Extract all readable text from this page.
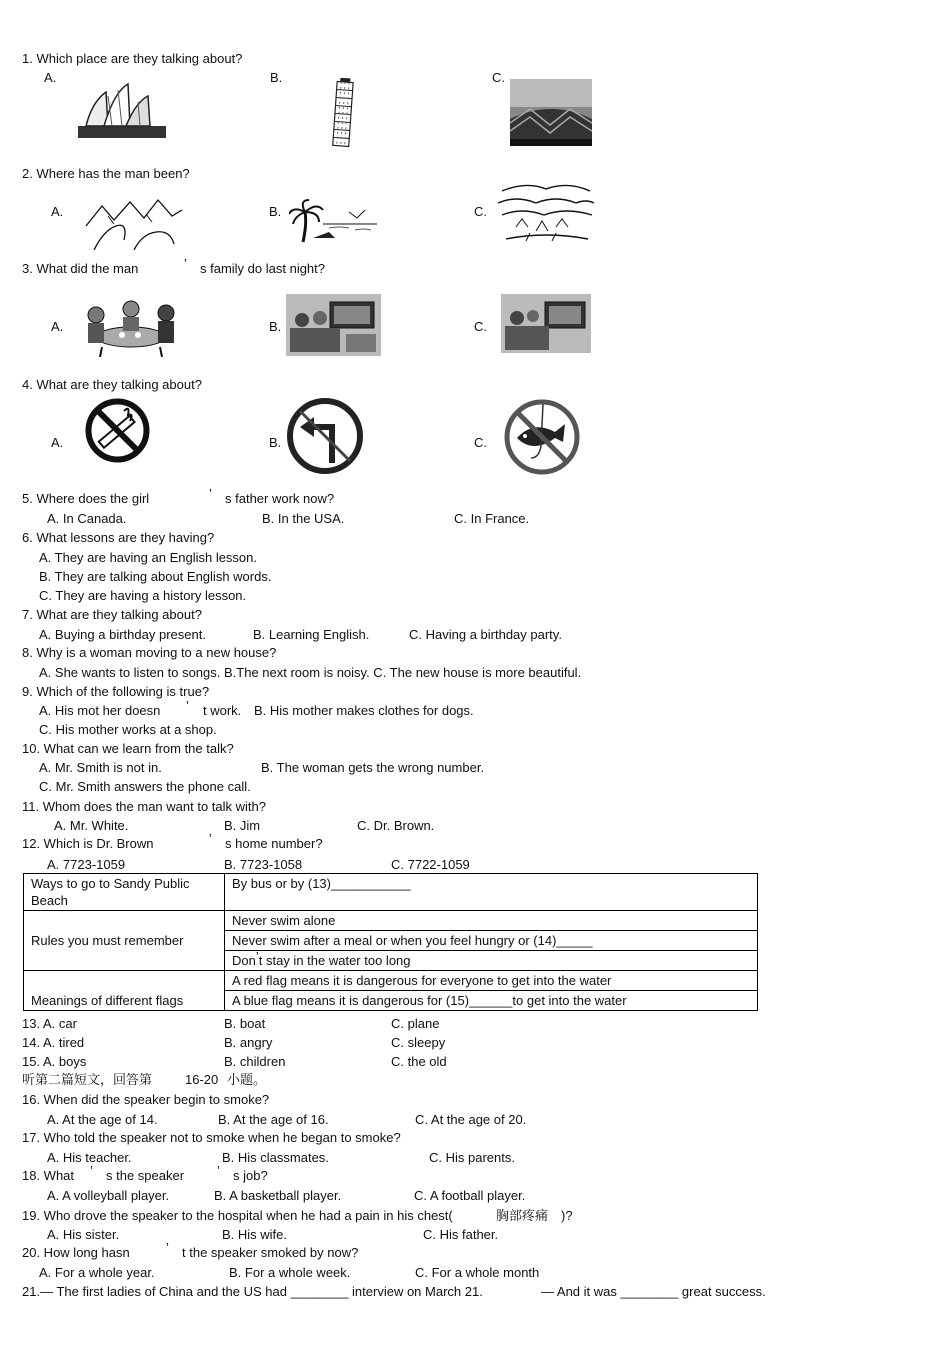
1. Which place are they talking about?
A.	B.	C.
2. Where has the man been?
A.	B.	C.
3. What did the man	’ s family do last night?
A.	B.	C.
4. What are they talking about?
A.	B.	C.
5. Where does the girl	’ s father work now?
A. In Canada.	B. In the USA.	C. In France.
6. What lessons are they having?
A. They are having an English lesson.
B. They are talking about English words.
C. They are having a history lesson.
7. What are they talking about?
A. Buying a birthday present.	B. Learning English.	C. Having a birthday party.
8. Why is a woman moving to a new house?
A. She wants to listen to songs. B.The next room is noisy. C. The new house is more beautiful.
9. Which of the following is true?
A. His mot her doesn ’ t work. B. His mother makes clothes for dogs.
C. His mother works at a shop.
10. What can we learn from the talk?
A. Mr. Smith is not in.	B. The woman gets the wrong number.
C. Mr. Smith answers the phone call.
11. Whom does the man want to talk with?
A. Mr. White.	B. Jim	C. Dr. Brown.
12. Which is Dr. Brown	’ s home number?
A. 7723-1059	B. 7723-1058	C. 7722-1059
Ways to go to Sandy Public Beach	By bus or by (13)___________
Rules you must remember	Never swim alone
	Never swim after a meal or when you feel hungry or (14)_____
	Don’t stay in the water too long
Meanings of different flags	A red flag means it is dangerous for everyone to get into the water
	A blue flag means it is dangerous for (15)______to get into the water
13. A. car	B. boat	C. plane
14. A. tired	B. angry	C. sleepy
15. A. boys	B. children	C. the old
听第二篇短文，回答第	16-20 小题。
16. When did the speaker begin to smoke?
A. At the age of 14.	B. At the age of 16.	C. At the age of 20.
17. Who told the speaker not to smoke when he began to smoke?
A. His teacher.	B. His classmates.	C. His parents.
18. What ’ s the speaker	’ s job?
A. A volleyball player.	B. A basketball player.	C. A football player.
19. Who drove the speaker to the hospital when he had a pain in his chest(	胸部疼痛 )?
A. His sister.	B. His wife.	C. His father.
20. How long hasn	’ t the speaker smoked by now?
A. For a whole year.	B. For a whole week.	C. For a whole month
21.— The first ladies of China and the US had ________ interview on March 21.	— And it was ________ great success.
